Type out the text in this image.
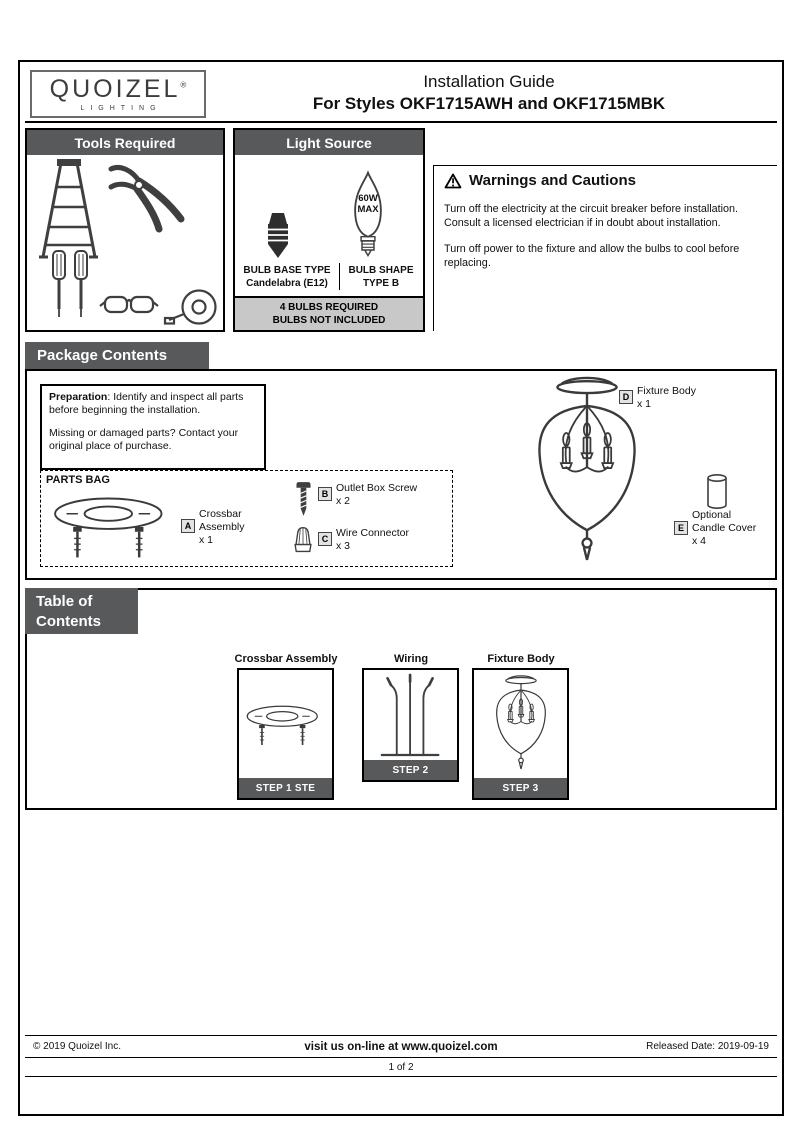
QUOIZEL®
LIGHTING
Installation Guide
For Styles OKF1715AWH and OKF1715MBK
Tools Required	Light Source
60W
MAX
BULB BASE TYPE
Candelabra (E12)
BULB SHAPE
TYPE B
4 BULBS REQUIRED
BULBS NOT INCLUDED
Warnings and Cautions
Turn off the electricity at the circuit breaker before installation. Consult a licensed electrician if in doubt about installation.
Turn off power to the fixture and allow the bulbs to cool before replacing.
Package Contents
Preparation: Identify and inspect all parts before beginning the installation.
Missing or damaged parts? Contact your original place of purchase.
PARTS BAG
A
Crossbar Assembly
x 1
B Outlet Box Screw
x 2
C Wire Connector
x 3
D Fixture Body
x 1
E
Optional Candle Cover
x 4
Crossbar Assembly	Wiring	Fixture Body
STEP 1 STE
STEP 2
STEP 3
Table of
Contents
© 2019 Quoizel Inc.	visit us on-line at www.quoizel.com	Released Date: 2019-09-19
1 of 2
